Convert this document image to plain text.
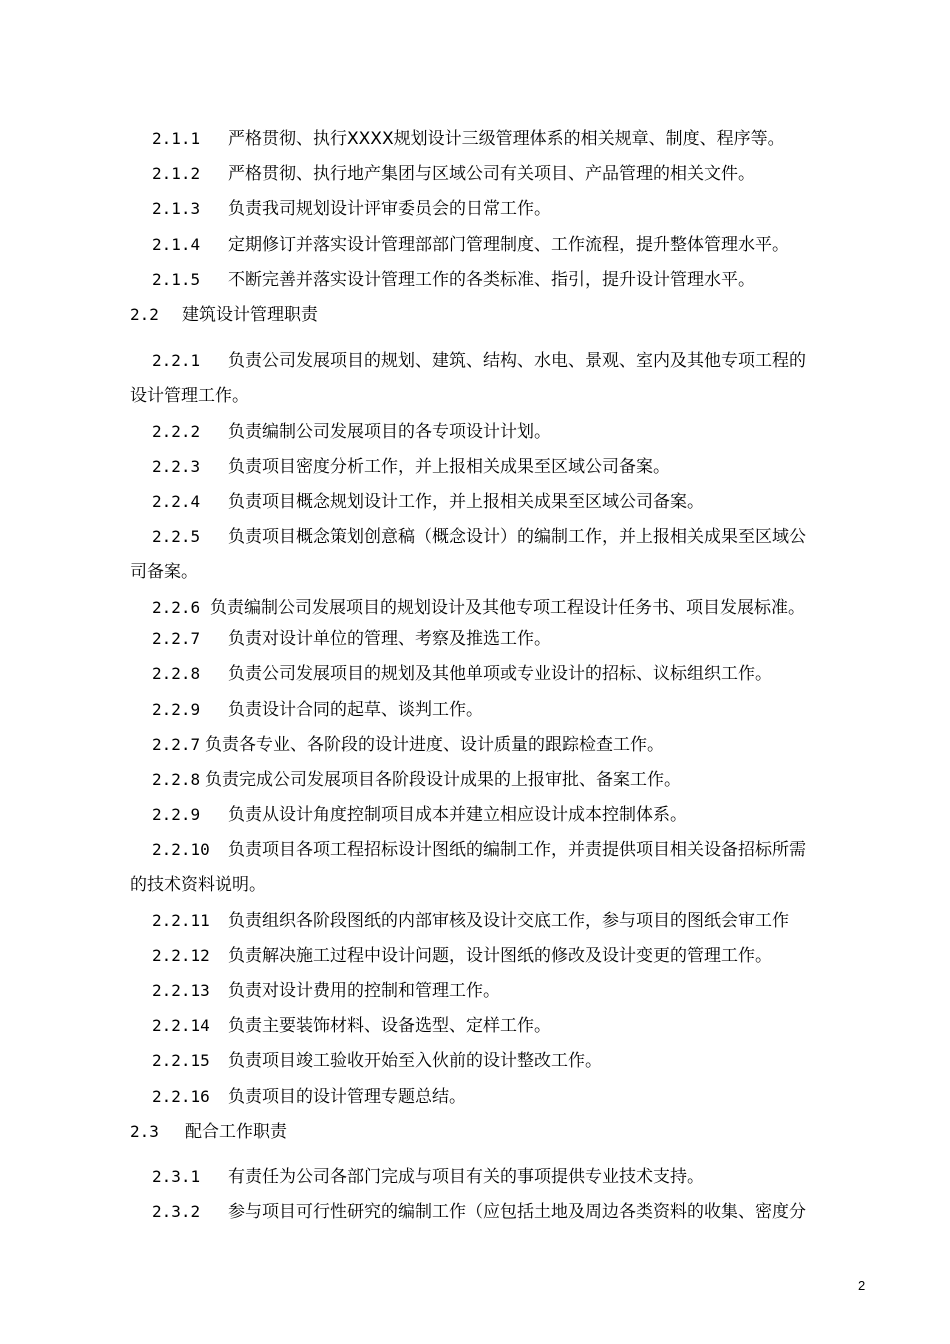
2.1.1 严格贯彻、执行XXXX规划设计三级管理体系的相关规章、制度、程序等。
2.1.2 严格贯彻、执行地产集团与区域公司有关项目、产品管理的相关文件。
2.1.3 负责我司规划设计评审委员会的日常工作。
2.1.4 定期修订并落实设计管理部部门管理制度、工作流程，提升整体管理水平。
2.1.5 不断完善并落实设计管理工作的各类标准、指引，提升设计管理水平。
2.2 建筑设计管理职责
2.2.1 负责公司发展项目的规划、建筑、结构、水电、景观、室内及其他专项工程的
设计管理工作。
2.2.2 负责编制公司发展项目的各专项设计计划。
2.2.3 负责项目密度分析工作，并上报相关成果至区域公司备案。
2.2.4 负责项目概念规划设计工作，并上报相关成果至区域公司备案。
2.2.5 负责项目概念策划创意稿（概念设计）的编制工作，并上报相关成果至区域公
司备案。
2.2.6 负责编制公司发展项目的规划设计及其他专项工程设计任务书、项目发展标准。
2.2.7 负责对设计单位的管理、考察及推选工作。
2.2.8 负责公司发展项目的规划及其他单项或专业设计的招标、议标组织工作。
2.2.9 负责设计合同的起草、谈判工作。
2.2.7 负责各专业、各阶段的设计进度、设计质量的跟踪检查工作。
2.2.8 负责完成公司发展项目各阶段设计成果的上报审批、备案工作。
2.2.9 负责从设计角度控制项目成本并建立相应设计成本控制体系。
2.2.10 负责项目各项工程招标设计图纸的编制工作，并责提供项目相关设备招标所需
的技术资料说明。
2.2.11 负责组织各阶段图纸的内部审核及设计交底工作，参与项目的图纸会审工作
2.2.12 负责解决施工过程中设计问题，设计图纸的修改及设计变更的管理工作。
2.2.13 负责对设计费用的控制和管理工作。
2.2.14 负责主要装饰材料、设备选型、定样工作。
2.2.15 负责项目竣工验收开始至入伙前的设计整改工作。
2.2.16 负责项目的设计管理专题总结。
2.3 配合工作职责
2.3.1 有责任为公司各部门完成与项目有关的事项提供专业技术支持。
2.3.2 参与项目可行性研究的编制工作（应包括土地及周边各类资料的收集、密度分
2
